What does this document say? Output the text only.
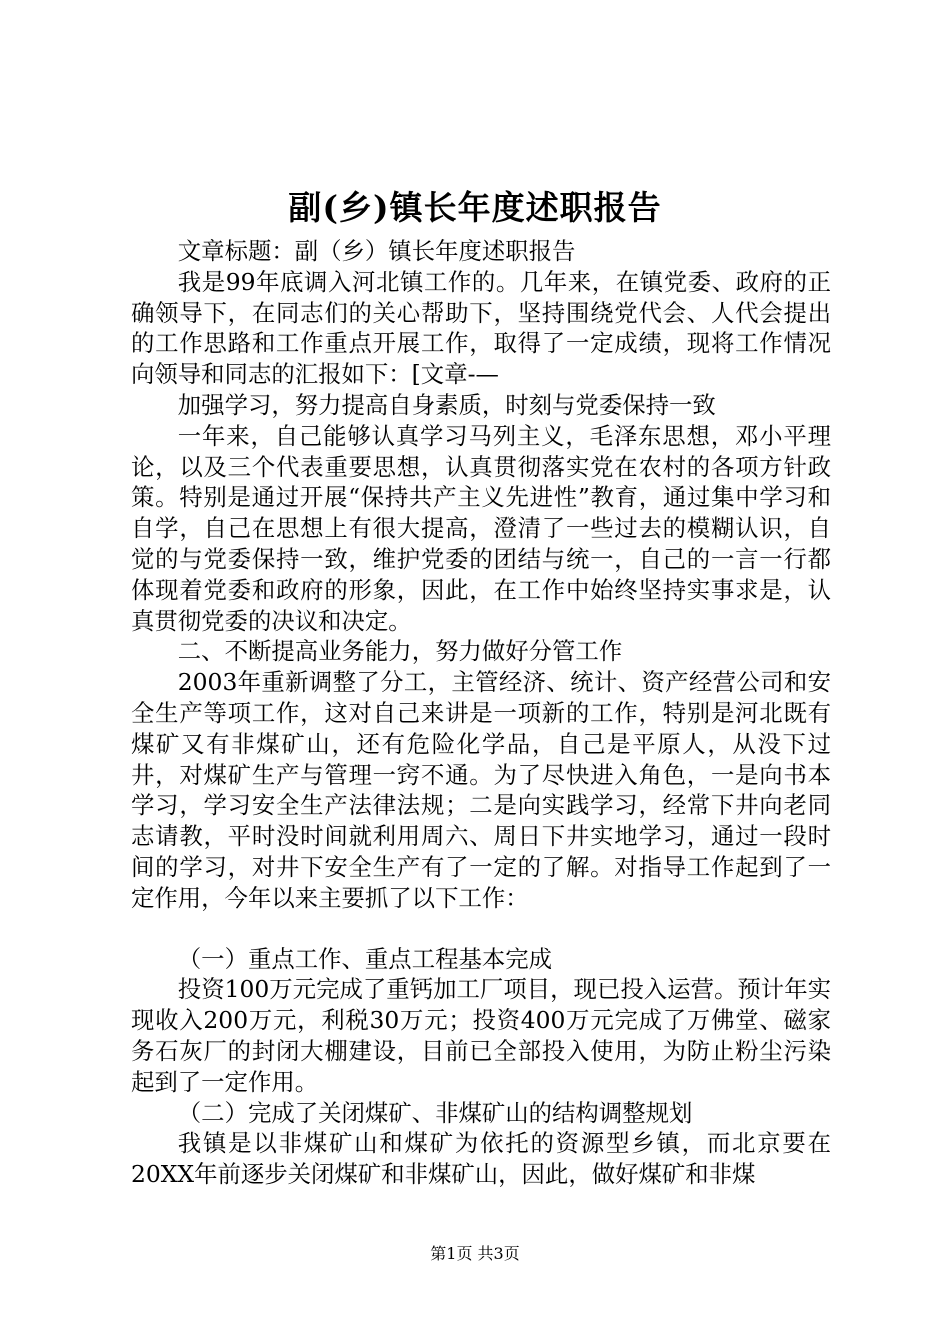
副(乡)镇长年度述职报告

文章标题：副（乡）镇长年度述职报告

我是99年底调入河北镇工作的。几年来，在镇党委、政府的正确领导下，在同志们的关心帮助下，坚持围绕党代会、人代会提出的工作思路和工作重点开展工作，取得了一定成绩，现将工作情况向领导和同志的汇报如下：[文章-—

加强学习，努力提高自身素质，时刻与党委保持一致

一年来，自己能够认真学习马列主义，毛泽东思想，邓小平理论，以及三个代表重要思想，认真贯彻落实党在农村的各项方针政策。特别是通过开展“保持共产主义先进性”教育，通过集中学习和自学，自己在思想上有很大提高，澄清了一些过去的模糊认识，自觉的与党委保持一致，维护党委的团结与统一，自己的一言一行都体现着党委和政府的形象，因此，在工作中始终坚持实事求是，认真贯彻党委的决议和决定。

二、不断提高业务能力，努力做好分管工作

2003年重新调整了分工，主管经济、统计、资产经营公司和安全生产等项工作，这对自己来讲是一项新的工作，特别是河北既有煤矿又有非煤矿山，还有危险化学品，自己是平原人，从没下过井，对煤矿生产与管理一窍不通。为了尽快进入角色，一是向书本学习，学习安全生产法律法规；二是向实践学习，经常下井向老同志请教，平时没时间就利用周六、周日下井实地学习，通过一段时间的学习，对井下安全生产有了一定的了解。对指导工作起到了一定作用，今年以来主要抓了以下工作：

（一）重点工作、重点工程基本完成

投资100万元完成了重钙加工厂项目，现已投入运营。预计年实现收入200万元，利税30万元；投资400万元完成了万佛堂、磁家务石灰厂的封闭大棚建设，目前已全部投入使用，为防止粉尘污染起到了一定作用。

（二）完成了关闭煤矿、非煤矿山的结构调整规划

我镇是以非煤矿山和煤矿为依托的资源型乡镇，而北京要在20XX年前逐步关闭煤矿和非煤矿山，因此，做好煤矿和非煤

第1页 共3页
